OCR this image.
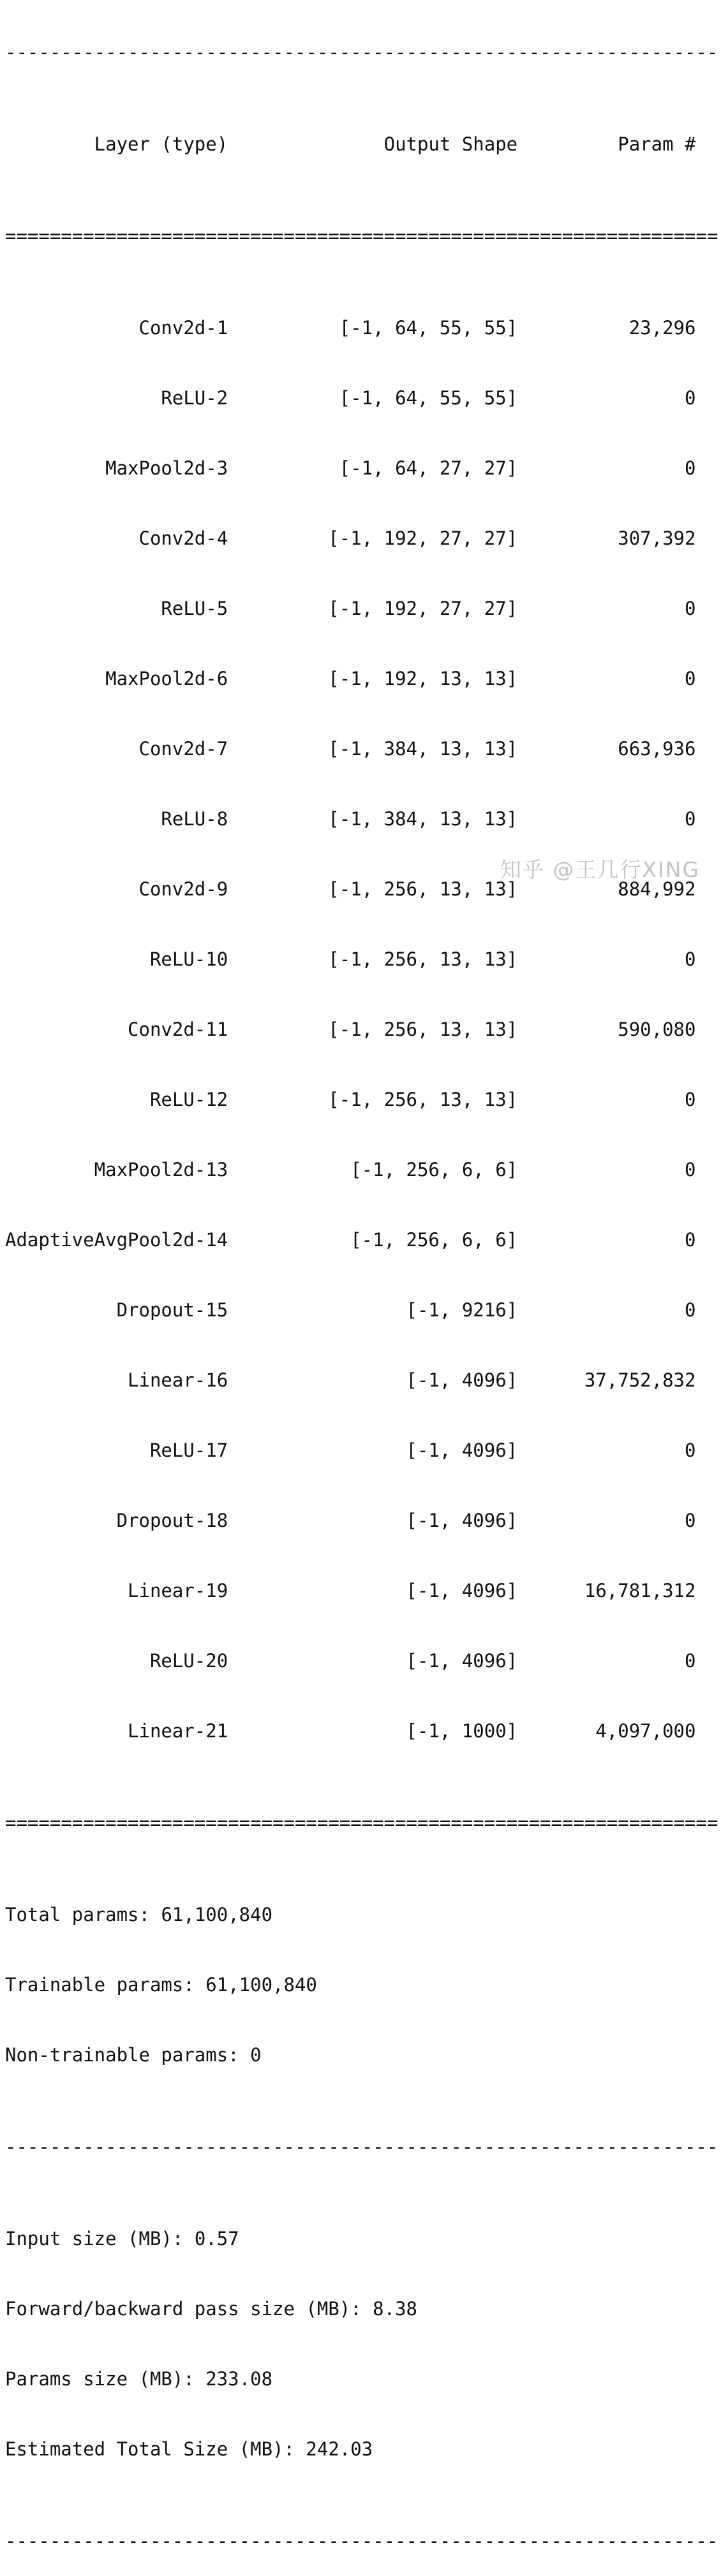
----------------------------------------------------------------

Layer (type)	Output Shape	Param #

================================================================

Conv2d-1	[-1, 64, 55, 55]	23,296

ReLU-2	[-1, 64, 55, 55]	0

MaxPool2d-3	[-1, 64, 27, 27]	0

Conv2d-4	[-1, 192, 27, 27]	307,392

ReLU-5	[-1, 192, 27, 27]	0

MaxPool2d-6	[-1, 192, 13, 13]	0

Conv2d-7	[-1, 384, 13, 13]	663,936

ReLU-8	[-1, 384, 13, 13]	0

Conv2d-9	[-1, 256, 13, 13]	884,992

ReLU-10	[-1, 256, 13, 13]	0

Conv2d-11	[-1, 256, 13, 13]	590,080

ReLU-12	[-1, 256, 13, 13]	0

MaxPool2d-13	[-1, 256, 6, 6]	0

AdaptiveAvgPool2d-14	[-1, 256, 6, 6]	0

Dropout-15	[-1, 9216]	0

Linear-16	[-1, 4096]	37,752,832

ReLU-17	[-1, 4096]	0

Dropout-18	[-1, 4096]	0

Linear-19	[-1, 4096]	16,781,312

ReLU-20	[-1, 4096]	0

Linear-21	[-1, 1000]	4,097,000

================================================================

Total params: 61,100,840

Trainable params: 61,100,840

Non-trainable params: 0

----------------------------------------------------------------

Input size (MB): 0.57

Forward/backward pass size (MB): 8.38

Params size (MB): 233.08

Estimated Total Size (MB): 242.03

----------------------------------------------------------------

知乎 @王几行XING
